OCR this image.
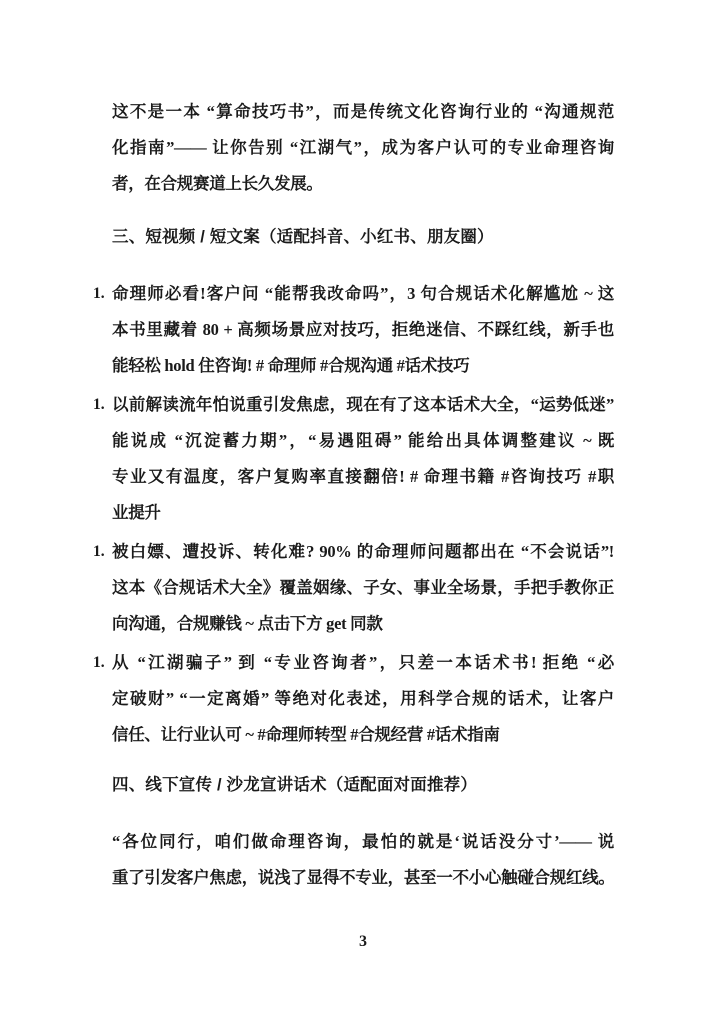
这不是一本 “算命技巧书”，而是传统文化咨询行业的 “沟通规范
化指南”—— 让你告别 “江湖气”，成为客户认可的专业命理咨询
者，在合规赛道上长久发展。
三、短视频 / 短文案（适配抖音、小红书、朋友圈）
1. 命理师必看!客户问 “能帮我改命吗”，3 句合规话术化解尴尬 ~ 这
本书里藏着 80 + 高频场景应对技巧，拒绝迷信、不踩红线，新手也
能轻松 hold 住咨询! # 命理师 #合规沟通 #话术技巧
1. 以前解读流年怕说重引发焦虑，现在有了这本话术大全，“运势低迷”
能说成 “沉淀蓄力期”，“易遇阻碍” 能给出具体调整建议 ~ 既
专业又有温度，客户复购率直接翻倍! # 命理书籍 #咨询技巧 #职
业提升
1. 被白嫖、遭投诉、转化难? 90% 的命理师问题都出在 “不会说话”!
这本《合规话术大全》覆盖姻缘、子女、事业全场景，手把手教你正
向沟通，合规赚钱 ~ 点击下方 get 同款
1. 从 “江湖骗子” 到 “专业咨询者”，只差一本话术书! 拒绝 “必
定破财” “一定离婚” 等绝对化表述，用科学合规的话术，让客户
信任、让行业认可 ~ #命理师转型 #合规经营 #话术指南
四、线下宣传 / 沙龙宣讲话术（适配面对面推荐）
“各位同行，咱们做命理咨询，最怕的就是‘说话没分寸’—— 说
重了引发客户焦虑，说浅了显得不专业，甚至一不小心触碰合规红线。
3
